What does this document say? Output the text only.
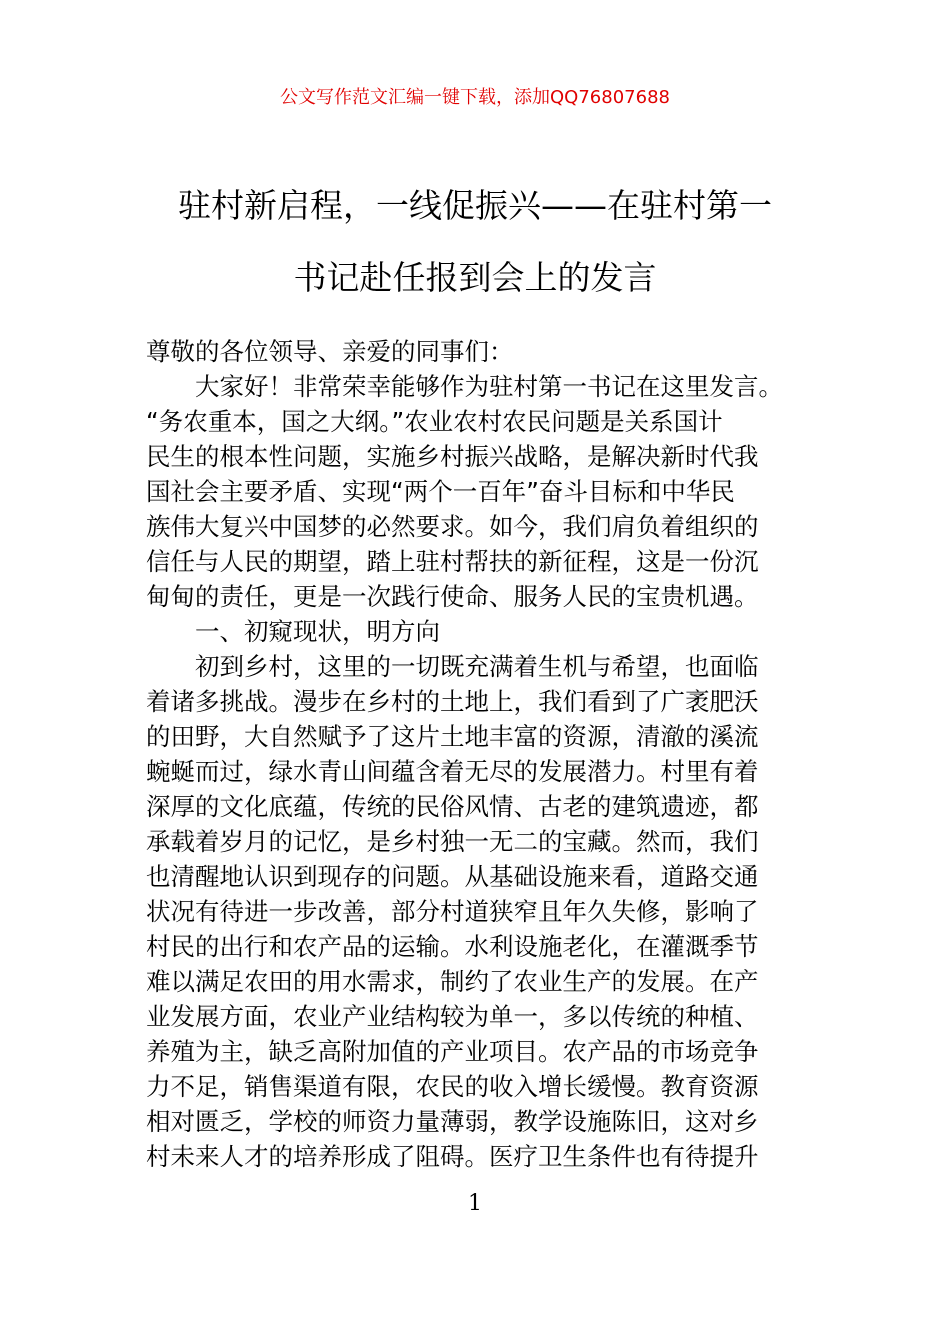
公文写作范文汇编一键下载，添加QQ76807688
驻村新启程，一线促振兴——在驻村第一
书记赴任报到会上的发言
尊敬的各位领导、亲爱的同事们：
大家好！非常荣幸能够作为驻村第一书记在这里发言。
“务农重本，国之大纲。”农业农村农民问题是关系国计
民生的根本性问题，实施乡村振兴战略，是解决新时代我
国社会主要矛盾、实现“两个一百年”奋斗目标和中华民
族伟大复兴中国梦的必然要求。如今，我们肩负着组织的
信任与人民的期望，踏上驻村帮扶的新征程，这是一份沉
甸甸的责任，更是一次践行使命、服务人民的宝贵机遇。
一、初窥现状，明方向
初到乡村，这里的一切既充满着生机与希望，也面临
着诸多挑战。漫步在乡村的土地上，我们看到了广袤肥沃
的田野，大自然赋予了这片土地丰富的资源，清澈的溪流
蜿蜒而过，绿水青山间蕴含着无尽的发展潜力。村里有着
深厚的文化底蕴，传统的民俗风情、古老的建筑遗迹，都
承载着岁月的记忆，是乡村独一无二的宝藏。然而，我们
也清醒地认识到现存的问题。从基础设施来看，道路交通
状况有待进一步改善，部分村道狭窄且年久失修，影响了
村民的出行和农产品的运输。水利设施老化，在灌溉季节
难以满足农田的用水需求，制约了农业生产的发展。在产
业发展方面，农业产业结构较为单一，多以传统的种植、
养殖为主，缺乏高附加值的产业项目。农产品的市场竞争
力不足，销售渠道有限，农民的收入增长缓慢。教育资源
相对匮乏，学校的师资力量薄弱，教学设施陈旧，这对乡
村未来人才的培养形成了阻碍。医疗卫生条件也有待提升
1
